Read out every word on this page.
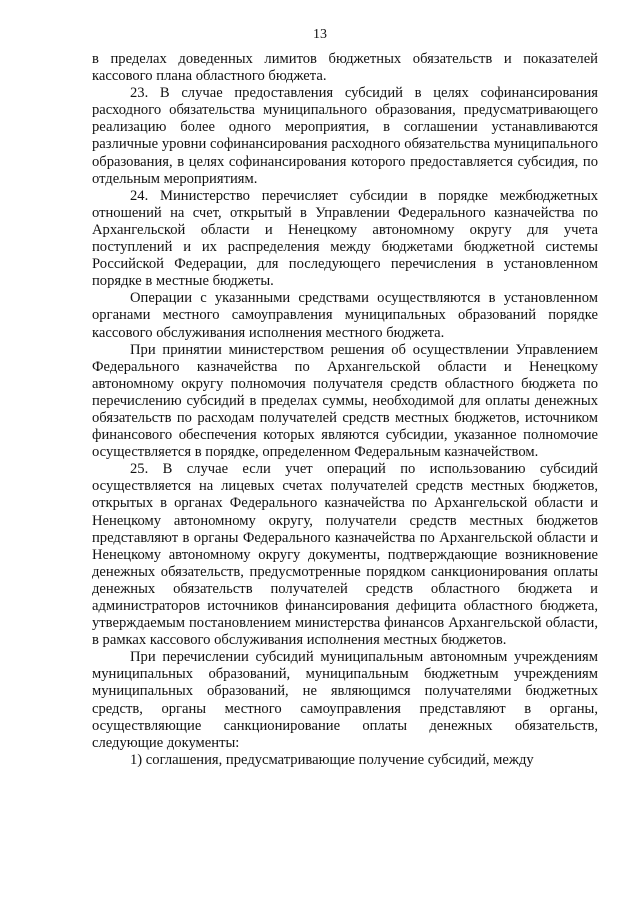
13

в пределах доведенных лимитов бюджетных обязательств и показателей кассового плана областного бюджета.

23. В случае предоставления субсидий в целях софинансирования расходного обязательства муниципального образования, предусматривающего реализацию более одного мероприятия, в соглашении устанавливаются различные уровни софинансирования расходного обязательства муниципального образования, в целях софинансирования которого предоставляется субсидия, по отдельным мероприятиям.

24. Министерство перечисляет субсидии в порядке межбюджетных отношений на счет, открытый в Управлении Федерального казначейства по Архангельской области и Ненецкому автономному округу для учета поступлений и их распределения между бюджетами бюджетной системы Российской Федерации, для последующего перечисления в установленном порядке в местные бюджеты.

Операции с указанными средствами осуществляются в установленном органами местного самоуправления муниципальных образований порядке кассового обслуживания исполнения местного бюджета.

При принятии министерством решения об осуществлении Управлением Федерального казначейства по Архангельской области и Ненецкому автономному округу полномочия получателя средств областного бюджета по перечислению субсидий в пределах суммы, необходимой для оплаты денежных обязательств по расходам получателей средств местных бюджетов, источником финансового обеспечения которых являются субсидии, указанное полномочие осуществляется в порядке, определенном Федеральным казначейством.

25. В случае если учет операций по использованию субсидий осуществляется на лицевых счетах получателей средств местных бюджетов, открытых в органах Федерального казначейства по Архангельской области и Ненецкому автономному округу, получатели средств местных бюджетов представляют в органы Федерального казначейства по Архангельской области и Ненецкому автономному округу документы, подтверждающие возникновение денежных обязательств, предусмотренные порядком санкционирования оплаты денежных обязательств получателей средств областного бюджета и администраторов источников финансирования дефицита областного бюджета, утверждаемым постановлением министерства финансов Архангельской области, в рамках кассового обслуживания исполнения местных бюджетов.

При перечислении субсидий муниципальным автономным учреждениям муниципальных образований, муниципальным бюджетным учреждениям муниципальных образований, не являющимся получателями бюджетных средств, органы местного самоуправления представляют в органы, осуществляющие санкционирование оплаты денежных обязательств, следующие документы:

1) соглашения, предусматривающие получение субсидий, между
